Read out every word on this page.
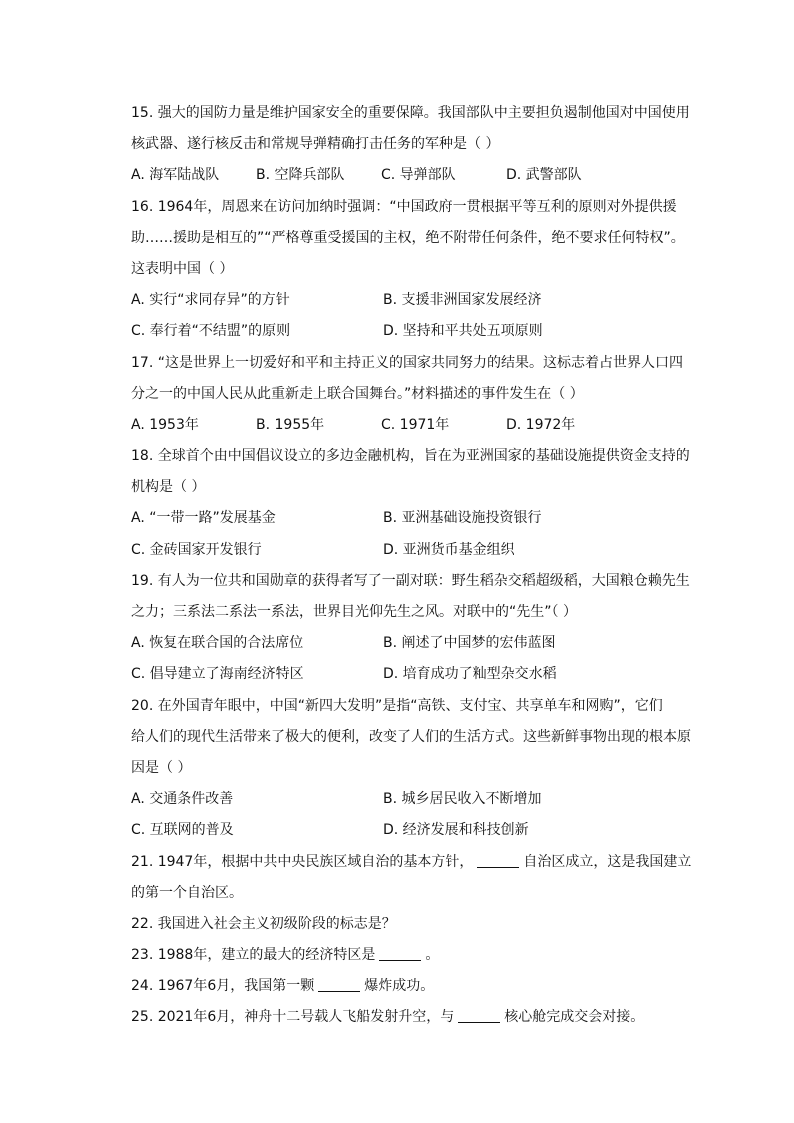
15. 强大的国防力量是维护国家安全的重要保障。我国部队中主要担负遏制他国对中国使用
核武器、遂行核反击和常规导弹精确打击任务的军种是（ ）
A. 海军陆战队	B. 空降兵部队	C. 导弹部队	D. 武警部队
16. 1964年，周恩来在访问加纳时强调：“中国政府一贯根据平等互利的原则对外提供援
助……援助是相互的”“严格尊重受援国的主权，绝不附带任何条件，绝不要求任何特权”。
这表明中国（ ）
A. 实行“求同存异”的方针	B. 支援非洲国家发展经济
C. 奉行着“不结盟”的原则	D. 坚持和平共处五项原则
17. “这是世界上一切爱好和平和主持正义的国家共同努力的结果。这标志着占世界人口四
分之一的中国人民从此重新走上联合国舞台。”材料描述的事件发生在（ ）
A. 1953年	B. 1955年	C. 1971年	D. 1972年
18. 全球首个由中国倡议设立的多边金融机构，旨在为亚洲国家的基础设施提供资金支持的
机构是（ ）
A. “一带一路”发展基金	B. 亚洲基础设施投资银行
C. 金砖国家开发银行	D. 亚洲货币基金组织
19. 有人为一位共和国勋章的获得者写了一副对联：野生稻杂交稻超级稻，大国粮仓赖先生
之力；三系法二系法一系法，世界目光仰先生之风。对联中的“先生”（ ）
A. 恢复在联合国的合法席位	B. 阐述了中国梦的宏伟蓝图
C. 倡导建立了海南经济特区	D. 培育成功了籼型杂交水稻
20. 在外国青年眼中，中国“新四大发明”是指“高铁、支付宝、共享单车和网购”，它们
给人们的现代生活带来了极大的便利，改变了人们的生活方式。这些新鲜事物出现的根本原
因是（ ）
A. 交通条件改善	B. 城乡居民收入不断增加
C. 互联网的普及	D. 经济发展和科技创新
21. 1947年，根据中共中央民族区域自治的基本方针，	自治区成立，这是我国建立
的第一个自治区。
22. 我国进入社会主义初级阶段的标志是？
23. 1988年，建立的最大的经济特区是	。
24. 1967年6月，我国第一颗	爆炸成功。
25. 2021年6月，神舟十二号载人飞船发射升空，与	核心舱完成交会对接。
